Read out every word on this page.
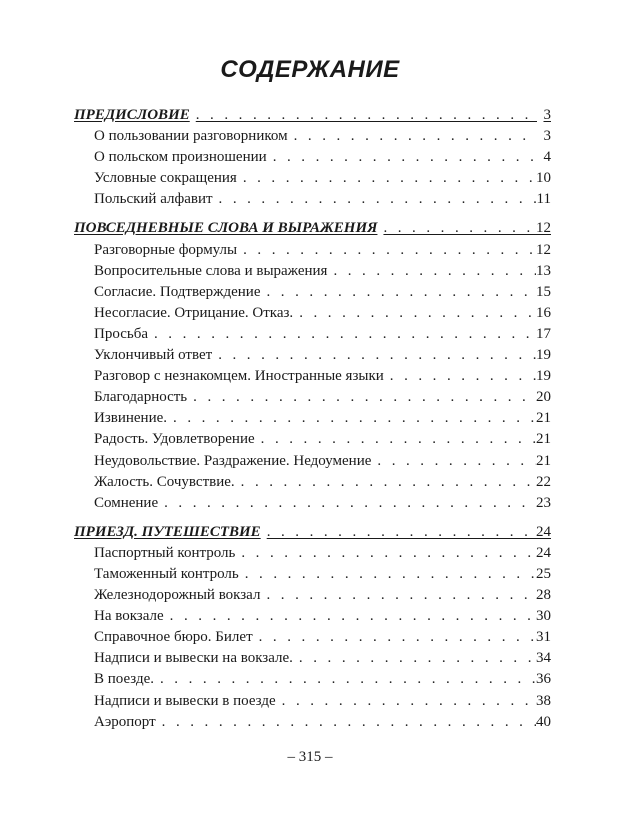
СОДЕРЖАНИЕ
ПРЕДИСЛОВИЕ . . .	3
О пользовании разговорником . . .	3
О польском произношении . . .	4
Условные сокращения . . .	10
Польский алфавит . . .	11
ПОВСЕДНЕВНЫЕ СЛОВА И ВЫРАЖЕНИЯ . . .	12
Разговорные формулы . . .	12
Вопросительные слова и выражения . . .	13
Согласие. Подтверждение . . .	15
Несогласие. Отрицание. Отказ. . . .	16
Просьба . . .	17
Уклончивый ответ . . .	19
Разговор с незнакомцем. Иностранные языки . . .	19
Благодарность . . .	20
Извинение. . . .	21
Радость. Удовлетворение . . .	21
Неудовольствие. Раздражение. Недоумение . . .	21
Жалость. Сочувствие. . . .	22
Сомнение . . .	23
ПРИЕЗД. ПУТЕШЕСТВИЕ . . .	24
Паспортный контроль . . .	24
Таможенный контроль . . .	25
Железнодорожный вокзал . . .	28
На вокзале . . .	30
Справочное бюро. Билет . . .	31
Надписи и вывески на вокзале. . . .	34
В поезде. . . .	36
Надписи и вывески в поезде . . .	38
Аэропорт . . .	40
– 315 –
